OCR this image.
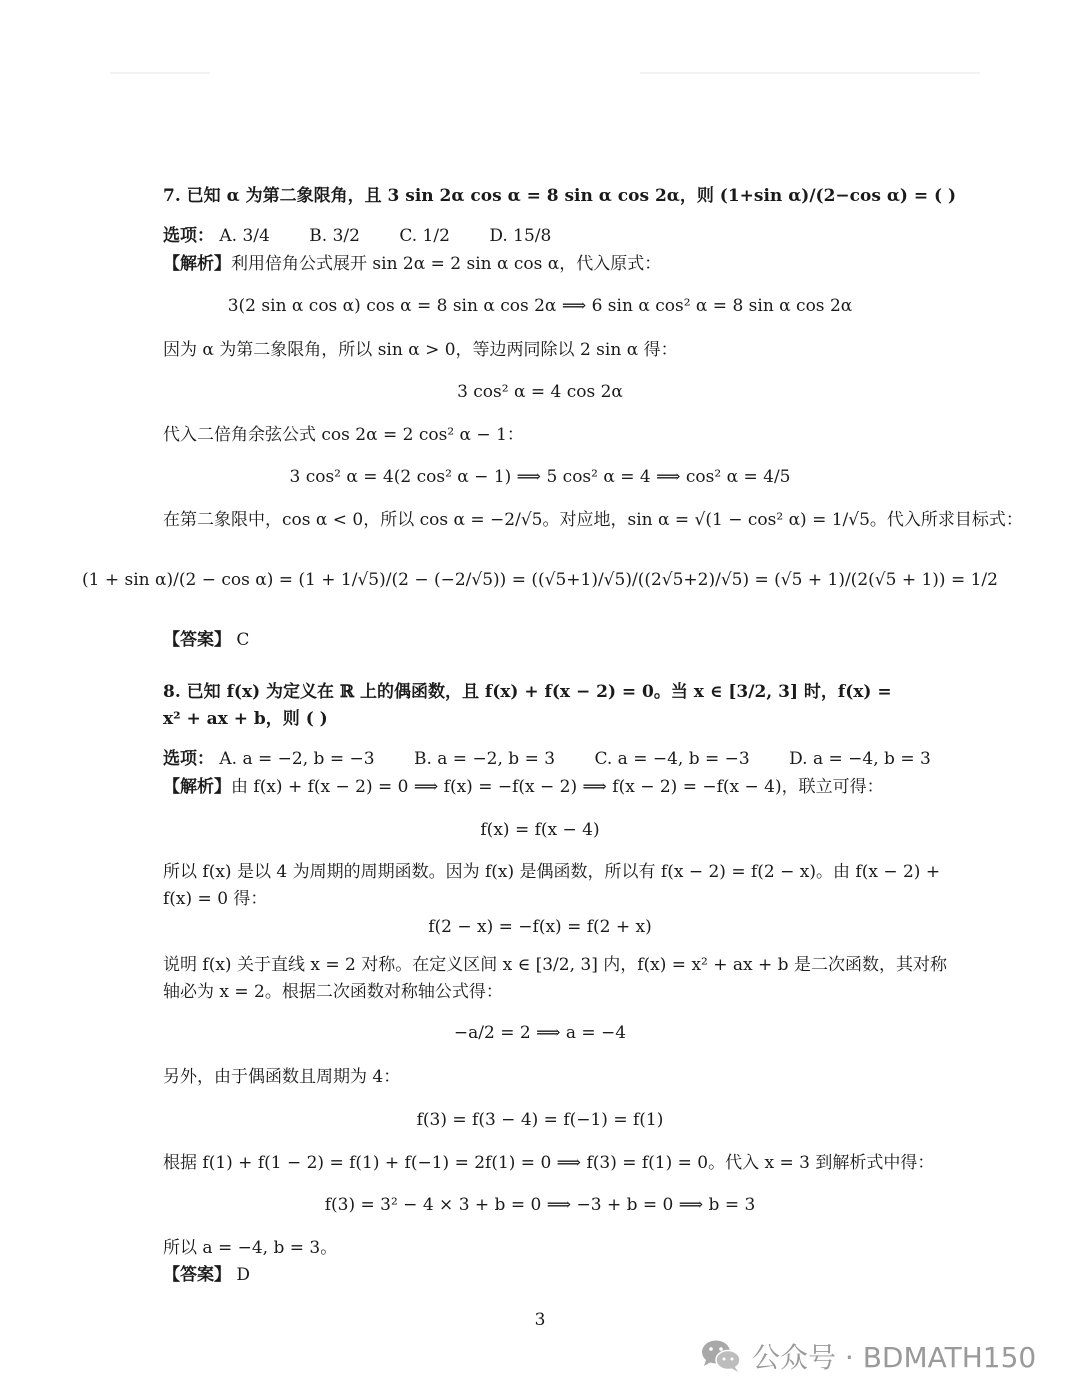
7. 已知 α 为第二象限角，且 3 sin 2α cos α = 8 sin α cos 2α，则 (1+sin α)/(2−cos α) = ( )
选项： A. 3/4 B. 3/2 C. 1/2 D. 15/8
【解析】利用倍角公式展开 sin 2α = 2 sin α cos α，代入原式：
3(2 sin α cos α) cos α = 8 sin α cos 2α ⟹ 6 sin α cos² α = 8 sin α cos 2α
因为 α 为第二象限角，所以 sin α > 0，等边两同除以 2 sin α 得：
3 cos² α = 4 cos 2α
代入二倍角余弦公式 cos 2α = 2 cos² α − 1：
3 cos² α = 4(2 cos² α − 1) ⟹ 5 cos² α = 4 ⟹ cos² α = 4/5
在第二象限中，cos α < 0，所以 cos α = −2/√5。对应地，sin α = √(1 − cos² α) = 1/√5。代入所求目标式：
(1 + sin α)/(2 − cos α) = (1 + 1/√5)/(2 − (−2/√5)) = ((√5+1)/√5)/((2√5+2)/√5) = (√5 + 1)/(2(√5 + 1)) = 1/2
【答案】 C
8. 已知 f(x) 为定义在 ℝ 上的偶函数，且 f(x) + f(x − 2) = 0。当 x ∈ [3/2, 3] 时，f(x) =
x² + ax + b，则 ( )
选项： A. a = −2, b = −3 B. a = −2, b = 3 C. a = −4, b = −3 D. a = −4, b = 3
【解析】由 f(x) + f(x − 2) = 0 ⟹ f(x) = −f(x − 2) ⟹ f(x − 2) = −f(x − 4)，联立可得：
f(x) = f(x − 4)
所以 f(x) 是以 4 为周期的周期函数。因为 f(x) 是偶函数，所以有 f(x − 2) = f(2 − x)。由 f(x − 2) +
f(x) = 0 得：
f(2 − x) = −f(x) = f(2 + x)
说明 f(x) 关于直线 x = 2 对称。在定义区间 x ∈ [3/2, 3] 内，f(x) = x² + ax + b 是二次函数，其对称
轴必为 x = 2。根据二次函数对称轴公式得：
−a/2 = 2 ⟹ a = −4
另外，由于偶函数且周期为 4：
f(3) = f(3 − 4) = f(−1) = f(1)
根据 f(1) + f(1 − 2) = f(1) + f(−1) = 2f(1) = 0 ⟹ f(3) = f(1) = 0。代入 x = 3 到解析式中得：
f(3) = 3² − 4 × 3 + b = 0 ⟹ −3 + b = 0 ⟹ b = 3
所以 a = −4, b = 3。
【答案】 D
3
公众号 · BDMATH150
